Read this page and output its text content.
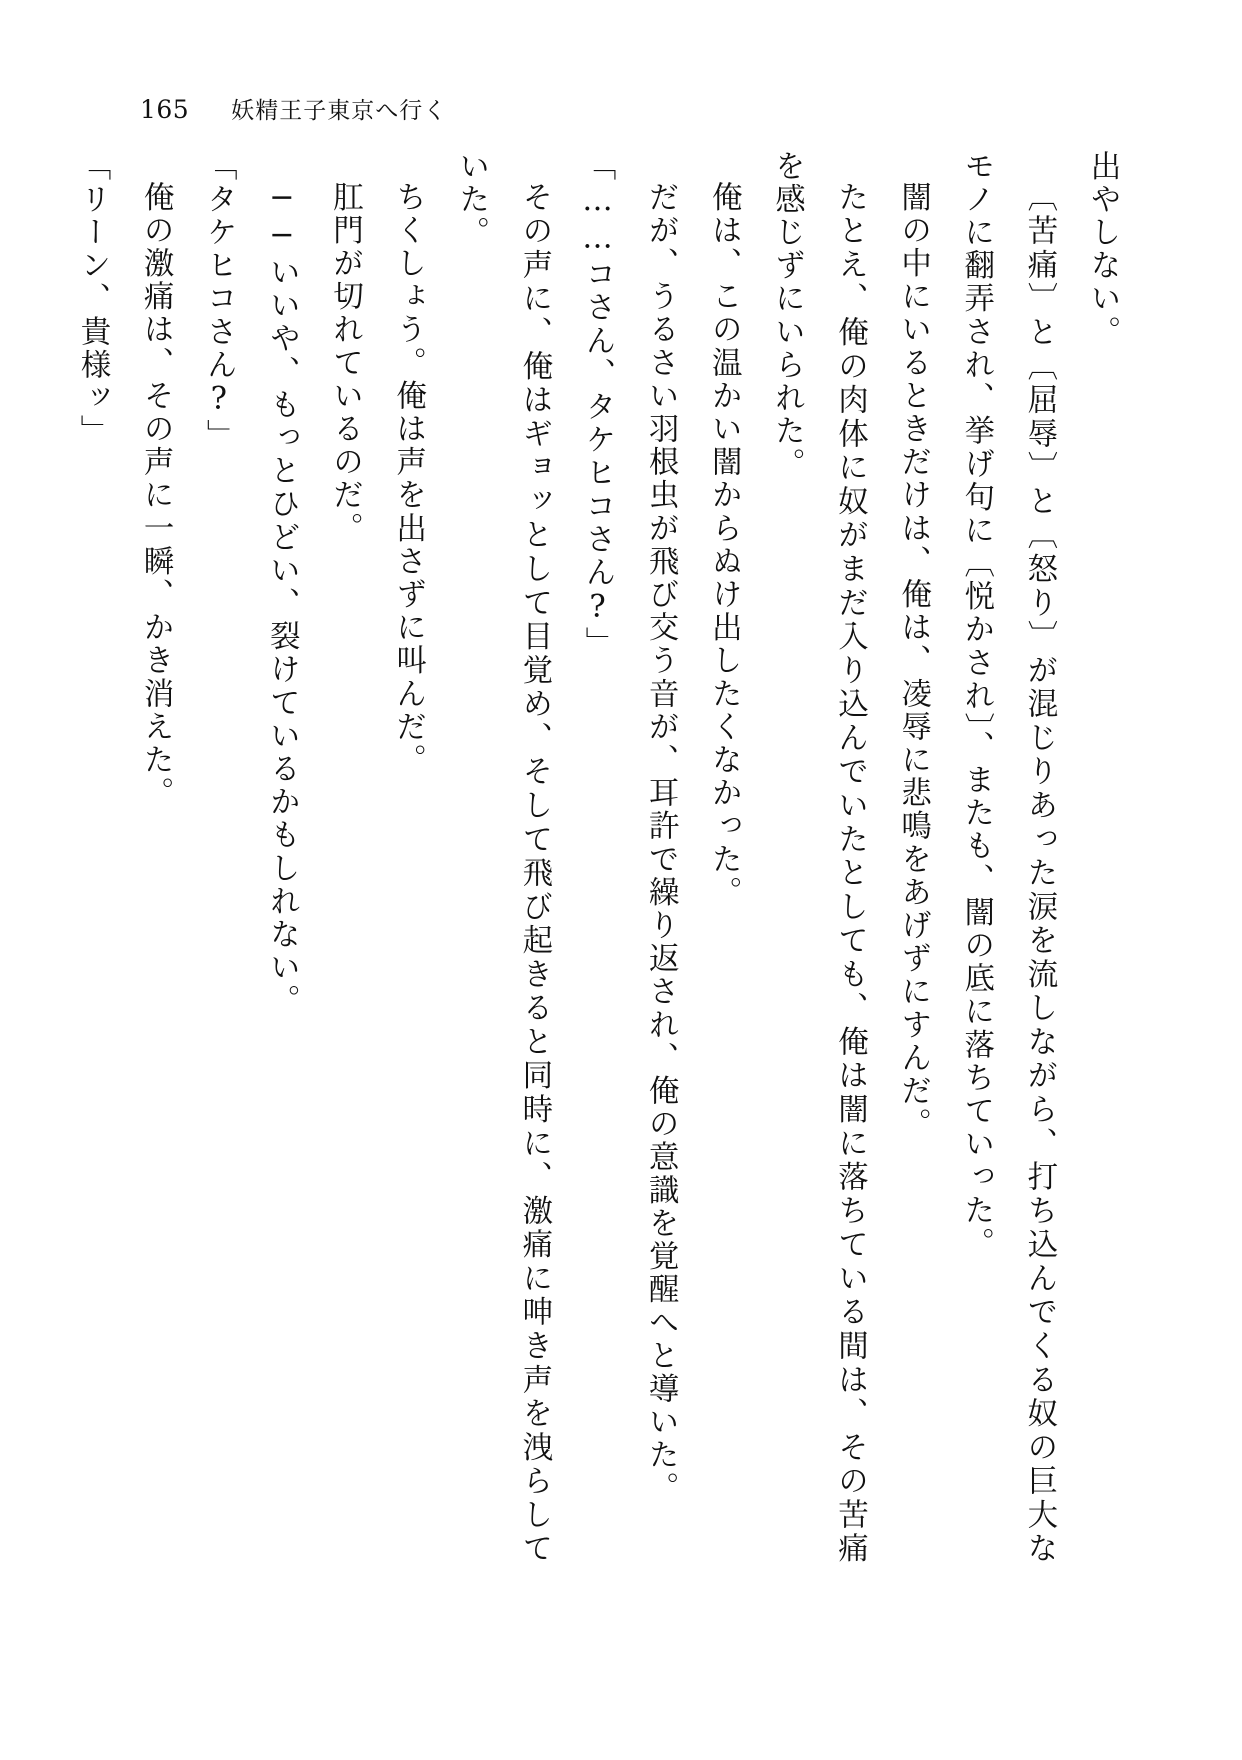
165 妖精王子東京へ行く

出やしない。

〔苦痛〕と〔屈辱〕と〔怒り〕が混じりあった涙を流しながら、打ち込んでくる奴の巨大なモノに翻弄され、挙げ句に〔悦かされ〕、またも、闇の底に落ちていった。

闇の中にいるときだけは、俺は、凌辱に悲鳴をあげずにすんだ。

たとえ、俺の肉体に奴がまだ入り込んでいたとしても、俺は闇に落ちている間は、その苦痛を感じずにいられた。

俺は、この温かい闇からぬけ出したくなかった。

だが、うるさい羽根虫が飛び交う音が、耳許で繰り返され、俺の意識を覚醒へと導いた。

「……コさん、タケヒコさん?」

その声に、俺はギョッとして目覚め、そして飛び起きると同時に、激痛に呻き声を洩らしていた。

ちくしょう。俺は声を出さずに叫んだ。

肛門が切れているのだ。

──いいや、もっとひどい、裂けているかもしれない。

「タケヒコさん?」

俺の激痛は、その声に一瞬、かき消えた。

「リーン、貴様ッ」
